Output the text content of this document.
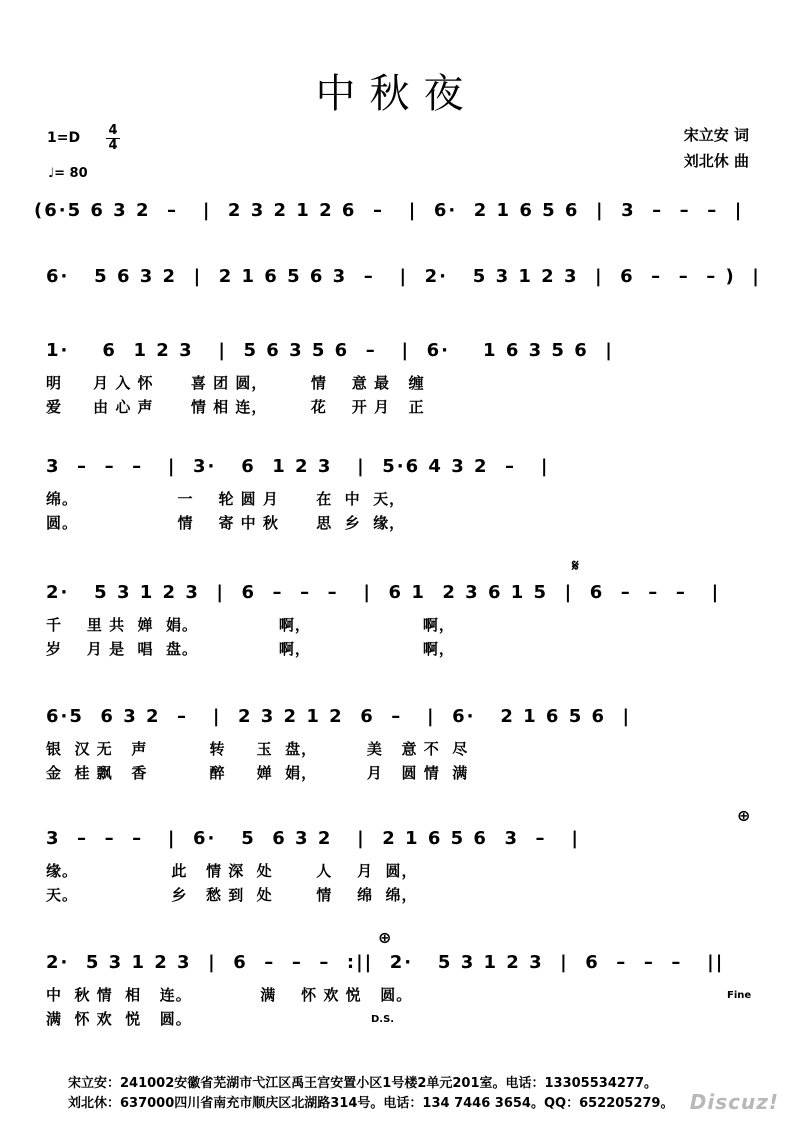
中秋夜
1=D	4
4
♩= 80
宋立安 词
刘北休 曲
(6·5 6 3 2  –   |  2 3 2 1 2 6  –   |  6·  2 1 6 5 6  |  3  –  –  –  |
6·   5 6 3 2  |  2 1 6 5 6 3  –   |  2·   5 3 1 2 3  |  6  –  –  – )  |
1·    6  1 2 3   |  5 6 3 5 6  –   |  6·    1 6 3 5 6  |
明     月 入 怀      喜 团 圆，       情    意 最   缠
爱     由 心 声      情 相 连，       花    开 月   正
3  –  –  –   |  3·   6  1 2 3   |  5·6 4 3 2  –   |
绵。                一    轮 圆 月      在  中  天，
圆。                情    寄 中 秋      思  乡  缘，
2·   5 3 1 2 3  |  6  –  –  –   |  6 1  2 3 6 1 5  |  6  –  –  –   |
𝄋
千    里 共  婵  娟。             啊，                  啊，
岁    月 是  唱  盘。             啊，                  啊，
6·5  6 3 2  –   |  2 3 2 1 2  6  –   |  6·   2 1 6 5 6  |
银  汉 无   声          转     玉  盘，        美   意 不  尽
金  桂 飘   香          醉     婵  娟，        月   圆 情  满
⊕
3  –  –  –   |  6·   5  6 3 2   |  2 1 6 5 6  3  –   |
缘。               此   情 深  处       人    月  圆，
天。               乡   愁 到  处       情    绵  绵，
⊕
2·  5 3 1 2 3  |  6  –  –  –  :||  2·   5 3 1 2 3  |  6  –  –  –   ||
中  秋 情  相   连。           满    怀 欢 悦   圆。
满  怀 欢  悦   圆。
Fine
D.S.
宋立安：241002安徽省芜湖市弋江区禹王宫安置小区1号楼2单元201室。电话：13305534277。
刘北休：637000四川省南充市顺庆区北湖路314号。电话：134 7446 3654。QQ：652205279。 Discuz!
